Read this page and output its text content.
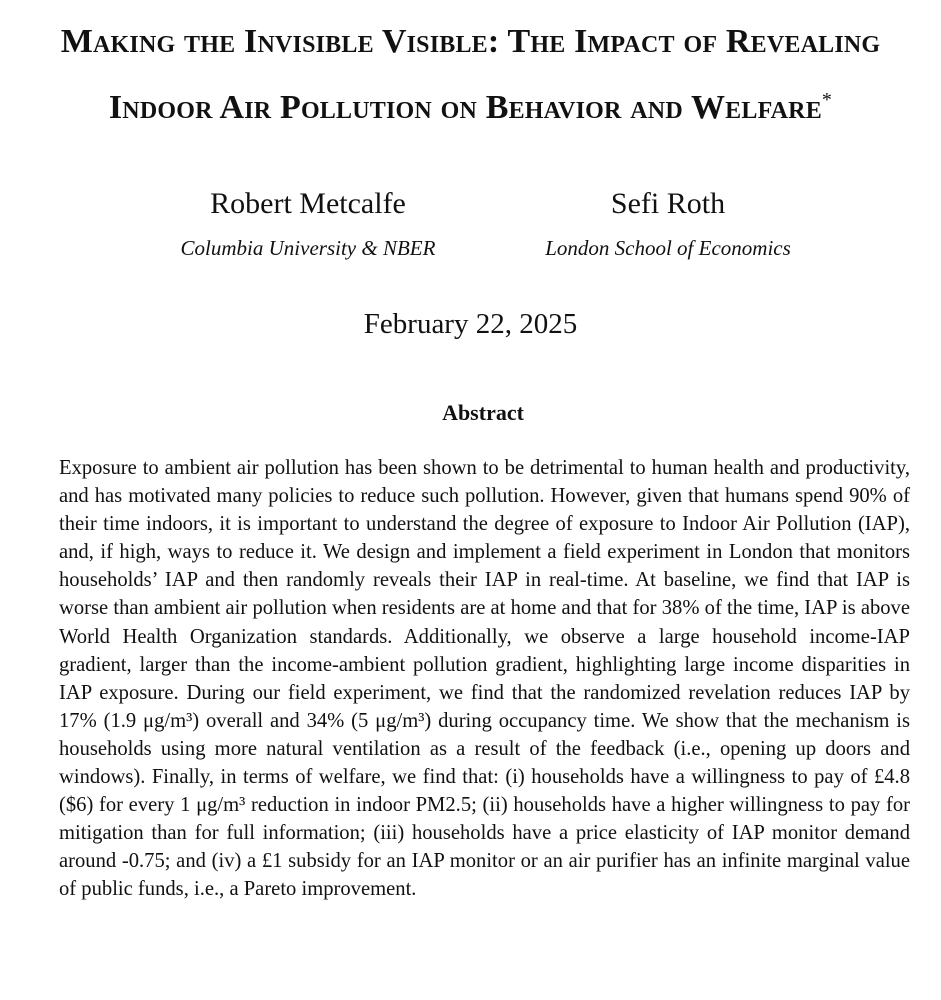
Making the Invisible Visible: The Impact of Revealing
Indoor Air Pollution on Behavior and Welfare*
Robert Metcalfe
Columbia University & NBER
Sefi Roth
London School of Economics
February 22, 2025
Abstract

Exposure to ambient air pollution has been shown to be detrimental to human health and productivity, and has motivated many policies to reduce such pollution. However, given that humans spend 90% of their time indoors, it is important to understand the degree of exposure to Indoor Air Pollution (IAP), and, if high, ways to reduce it. We design and implement a field experiment in London that monitors households’ IAP and then randomly reveals their IAP in real-time. At baseline, we find that IAP is worse than ambient air pollution when residents are at home and that for 38% of the time, IAP is above World Health Organization standards. Additionally, we observe a large household income-IAP gradient, larger than the income-ambient pollution gradient, highlighting large income disparities in IAP exposure. During our field experiment, we find that the randomized revelation reduces IAP by 17% (1.9 μg/m³) overall and 34% (5 μg/m³) during occupancy time. We show that the mechanism is households using more natural ventilation as a result of the feedback (i.e., opening up doors and windows). Finally, in terms of welfare, we find that: (i) households have a willingness to pay of £4.8 ($6) for every 1 μg/m³ reduction in indoor PM2.5; (ii) households have a higher willingness to pay for mitigation than for full information; (iii) households have a price elasticity of IAP monitor demand around -0.75; and (iv) a £1 subsidy for an IAP monitor or an air purifier has an infinite marginal value of public funds, i.e., a Pareto improvement.
